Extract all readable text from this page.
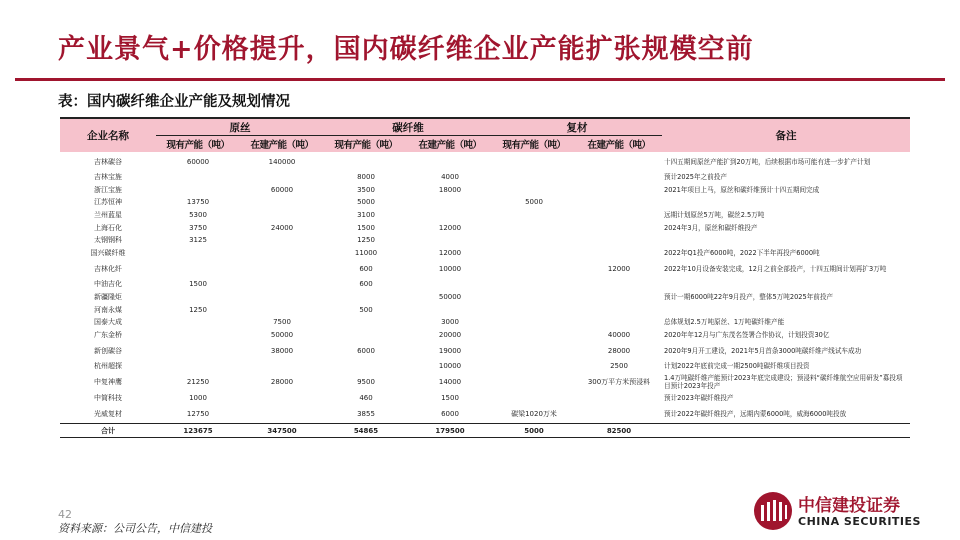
产业景气+价格提升，国内碳纤维企业产能扩张规模空前
表：国内碳纤维企业产能及规划情况
企业名称	原丝		碳纤维		复材		备注
	现有产能（吨）	在建产能（吨）	现有产能（吨）	在建产能（吨）	现有产能（吨）	在建产能（吨）	
吉林碳谷	60000	140000					十四五期间原丝产能扩到20万吨，后续根据市场可能有进一步扩产计划
吉林宝旌			8000	4000			预计2025年之前投产
浙江宝旌		60000	3500	18000			2021年项目上马，原丝和碳纤维预计十四五期间完成
江苏恒神	13750		5000		5000		
兰州蓝星	5300		3100				远期计划原丝5万吨，碳丝2.5万吨
上海石化	3750	24000	1500	12000			2024年3月，原丝和碳纤维投产
太钢钢科	3125		1250				
国兴碳纤维			11000	12000			2022年Q1投产6000吨，2022下半年再投产6000吨
吉林化纤			600	10000		12000	2022年10月设备安装完成，12月之前全部投产，十四五期间计划再扩3万吨
中油吉化	1500		600				
新疆隆炬				50000			预计一期6000吨22年9月投产，整体5万吨2025年前投产
河南永煤	1250		500				
国泰大成		7500		3000			总体规划2.5万吨原丝、1万吨碳纤维产能
广东金桥		50000		20000		40000	2020年年12月与广东茂名签署合作协议，计划投资30亿
新创碳谷		38000	6000	19000		28000	2020年9月开工建设，2021年5月首条3000吨碳纤维产线试车成功
杭州超探				10000		2500	计划2022年底前完成一期2500吨碳纤维项目投资
中复神鹰	21250	28000	9500	14000		300万平方米预浸料	1.4万吨碳纤维产能预计2023年底完成建设；预浸料“碳纤维航空应用研发”募投项目预计2023年投产
中简科技	1000		460	1500			预计2023年碳纤维投产
光威复材	12750		3855	6000	碳梁1020万米		预计2022年碳纤维投产，远期内蒙6000吨，威海6000吨投放
合计	123675	347500	54865	179500	5000	82500	
42
资料来源：公司公告，中信建投
中信建投证券
CHINA SECURITIES
